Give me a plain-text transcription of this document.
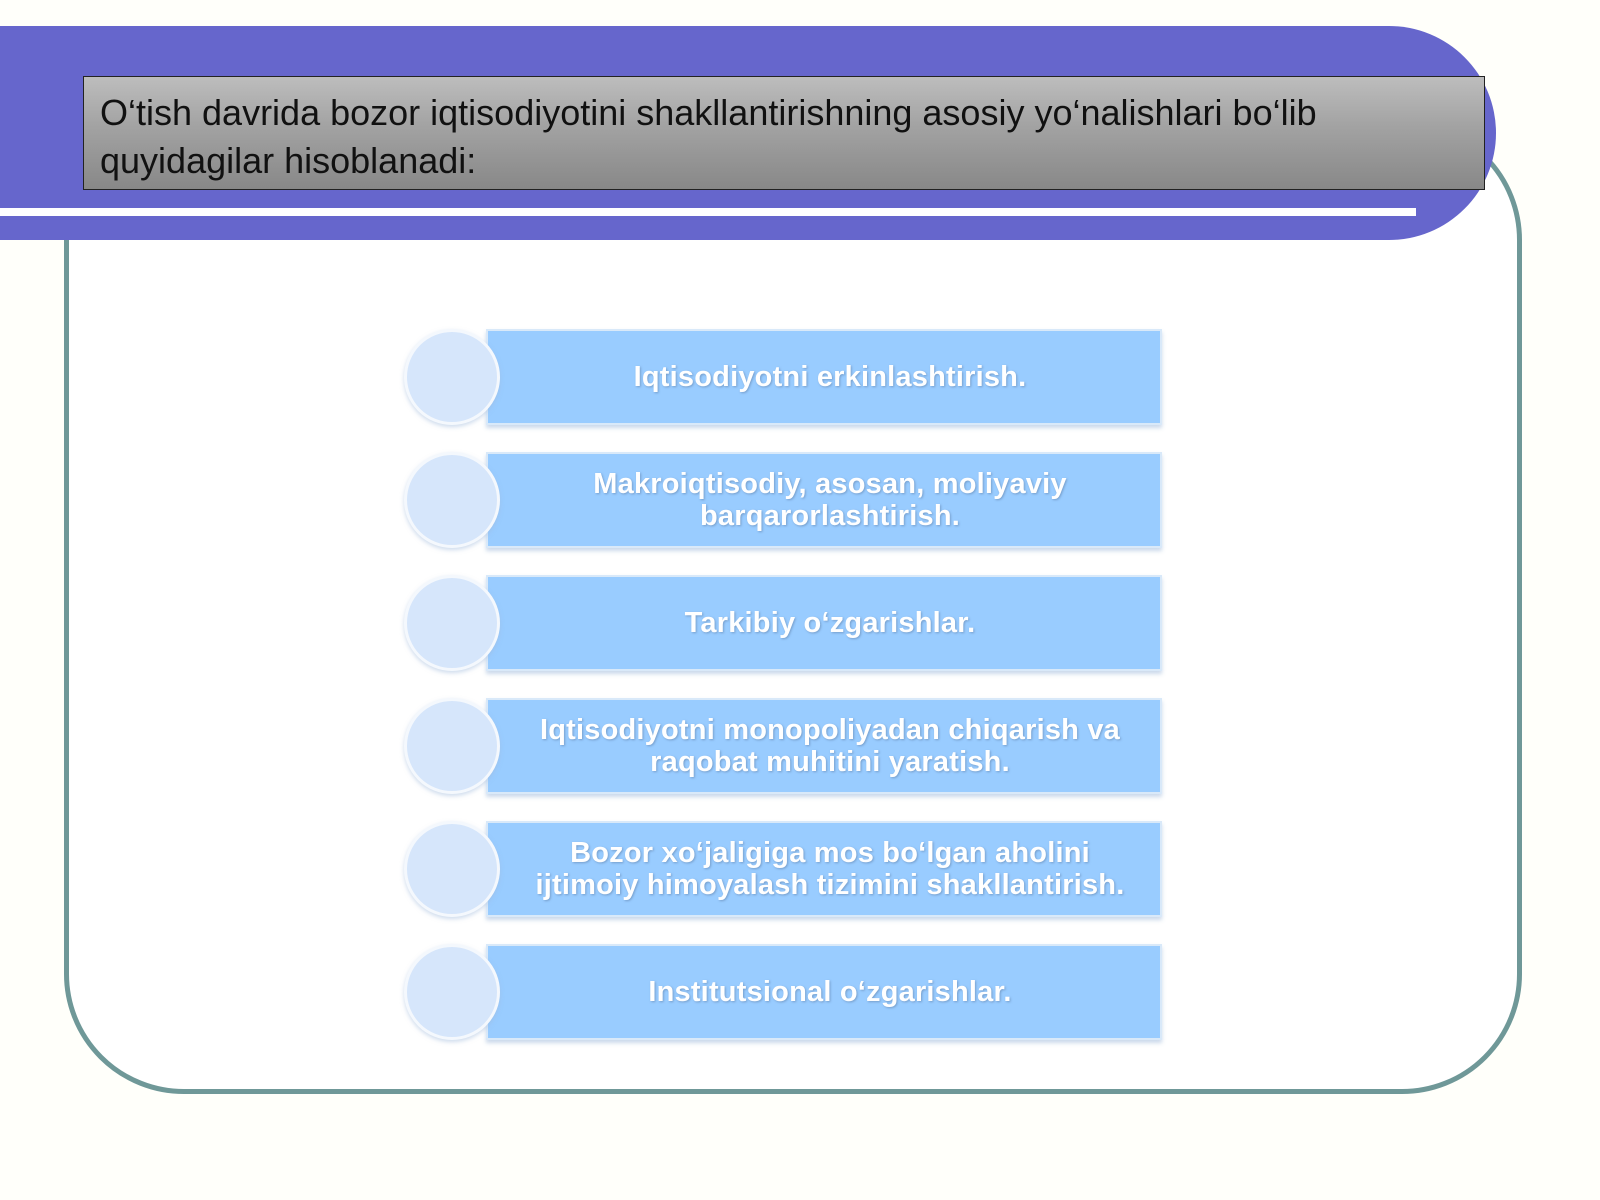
O‘tish davrida bozor iqtisodiyotini shakllantirishning asosiy yo‘nalishlari bo‘lib
quyidagilar hisoblanadi:
Iqtisodiyotni erkinlashtirish.
Makroiqtisodiy, asosan, moliyaviy barqarorlashtirish.
Tarkibiy o‘zgarishlar.
Iqtisodiyotni monopoliyadan chiqarish va raqobat muhitini yaratish.
Bozor xo‘jaligiga mos bo‘lgan aholini ijtimoiy himoyalash tizimini shakllantirish.
Institutsional o‘zgarishlar.
